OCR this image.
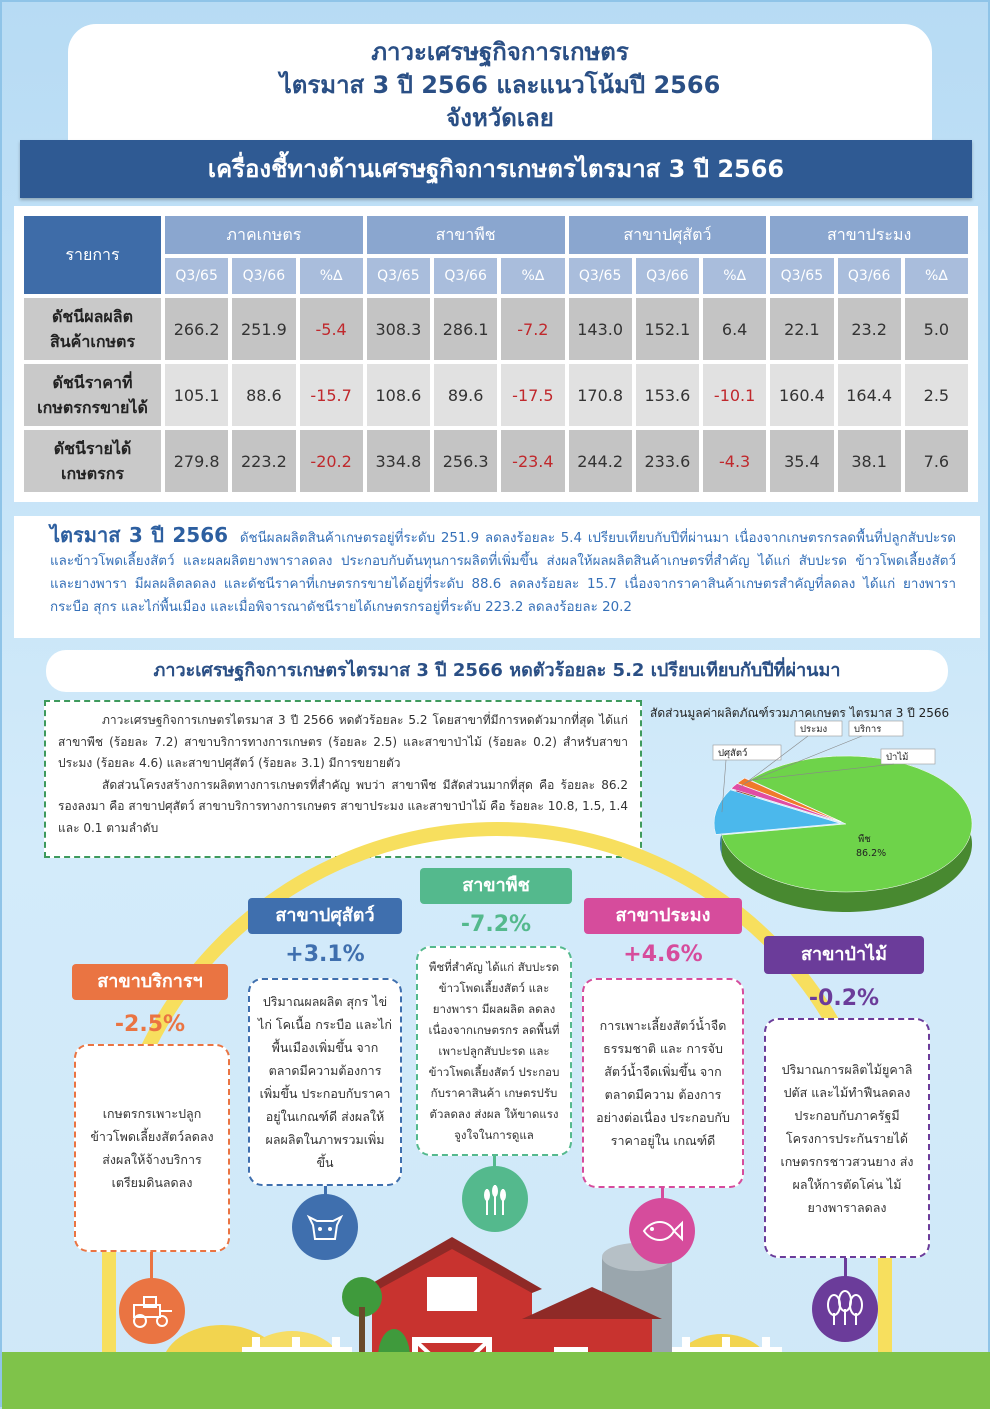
ภาวะเศรษฐกิจการเกษตร
ไตรมาส 3 ปี 2566 และแนวโน้มปี 2566
จังหวัดเลย
เครื่องชี้ทางด้านเศรษฐกิจการเกษตรไตรมาส 3 ปี 2566
รายการ	ภาคเกษตร			สาขาพืช			สาขาปศุสัตว์			สาขาประมง		
	Q3/65	Q3/66	%∆	Q3/65	Q3/66	%∆	Q3/65	Q3/66	%∆	Q3/65	Q3/66	%∆
ดัชนีผลผลิต
สินค้าเกษตร	266.2	251.9	-5.4	308.3	286.1	-7.2	143.0	152.1	6.4	22.1	23.2	5.0
ดัชนีราคาที่
เกษตรกรขายได้	105.1	88.6	-15.7	108.6	89.6	-17.5	170.8	153.6	-10.1	160.4	164.4	2.5
ดัชนีรายได้
เกษตรกร	279.8	223.2	-20.2	334.8	256.3	-23.4	244.2	233.6	-4.3	35.4	38.1	7.6
ไตรมาส 3 ปี 2566 ดัชนีผลผลิตสินค้าเกษตรอยู่ที่ระดับ 251.9 ลดลงร้อยละ 5.4 เปรียบเทียบกับปีที่ผ่านมา เนื่องจากเกษตรกรลดพื้นที่ปลูกสับปะรดและข้าวโพดเลี้ยงสัตว์ และผลผลิตยางพาราลดลง ประกอบกับต้นทุนการผลิตที่เพิ่มขึ้น ส่งผลให้ผลผลิตสินค้าเกษตรที่สำคัญ ได้แก่ สับปะรด ข้าวโพดเลี้ยงสัตว์ และยางพารา มีผลผลิตลดลง และดัชนีราคาที่เกษตรกรขายได้อยู่ที่ระดับ 88.6 ลดลงร้อยละ 15.7 เนื่องจากราคาสินค้าเกษตรสำคัญที่ลดลง ได้แก่ ยางพารา กระบือ สุกร และไก่พื้นเมือง และเมื่อพิจารณาดัชนีรายได้เกษตรกรอยู่ที่ระดับ 223.2 ลดลงร้อยละ 20.2
ภาวะเศรษฐกิจการเกษตรไตรมาส 3 ปี 2566 หดตัวร้อยละ 5.2 เปรียบเทียบกับปีที่ผ่านมา

ภาวะเศรษฐกิจการเกษตรไตรมาส 3 ปี 2566 หดตัวร้อยละ 5.2 โดยสาขาที่มีการหดตัวมากที่สุด ได้แก่ สาขาพืช (ร้อยละ 7.2) สาขาบริการทางการเกษตร (ร้อยละ 2.5) และสาขาป่าไม้ (ร้อยละ 0.2) สำหรับสาขาประมง (ร้อยละ 4.6) และสาขาปศุสัตว์ (ร้อยละ 3.1) มีการขยายตัว

สัดส่วนโครงสร้างการผลิตทางการเกษตรที่สำคัญ พบว่า สาขาพืช มีสัดส่วนมากที่สุด คือ ร้อยละ 86.2 รองลงมา คือ สาขาปศุสัตว์ สาขาบริการทางการเกษตร สาขาประมง และสาขาป่าไม้ คือ ร้อยละ 10.8, 1.5, 1.4 และ 0.1 ตามลำดับ

สัดส่วนมูลค่าผลิตภัณฑ์รวมภาคเกษตร ไตรมาส 3 ปี 2566
พืช
86.2%
ปศุสัตว์
ประมง	บริการ
ป่าไม้
สาขาบริการฯ
-2.5%
เกษตรกรเพาะปลูก ข้าวโพดเลี้ยงสัตว์ลดลง ส่งผลให้จ้างบริการ เตรียมดินลดลง
สาขาปศุสัตว์
+3.1%
ปริมาณผลผลิต สุกร ไข่ไก่ โคเนื้อ กระบือ และไก่พื้นเมืองเพิ่มขึ้น จากตลาดมีความต้องการ เพิ่มขึ้น ประกอบกับราคา อยู่ในเกณฑ์ดี ส่งผลให้ ผลผลิตในภาพรวมเพิ่มขึ้น
สาขาพืช
-7.2%
พืชที่สำคัญ ได้แก่ สับปะรด ข้าวโพดเลี้ยงสัตว์ และยางพารา มีผลผลิต ลดลง เนื่องจากเกษตรกร ลดพื้นที่เพาะปลูกสับปะรด และข้าวโพดเลี้ยงสัตว์ ประกอบกับราคาสินค้า เกษตรปรับตัวลดลง ส่งผล ให้ขาดแรงจูงใจในการดูแล
สาขาประมง
+4.6%
การเพาะเลี้ยงสัตว์น้ำจืด ธรรมชาติ และ การจับสัตว์น้ำจืดเพิ่มขึ้น จากตลาดมีความ ต้องการอย่างต่อเนื่อง ประกอบกับราคาอยู่ใน เกณฑ์ดี
สาขาป่าไม้
-0.2%
ปริมาณการผลิตไม้ยูคาลิปตัส และไม้ทำฟืนลดลง ประกอบกับภาครัฐมี โครงการประกันรายได้ เกษตรกรชาวสวนยาง ส่งผลให้การตัดโค่น ไม้ยางพาราลดลง
